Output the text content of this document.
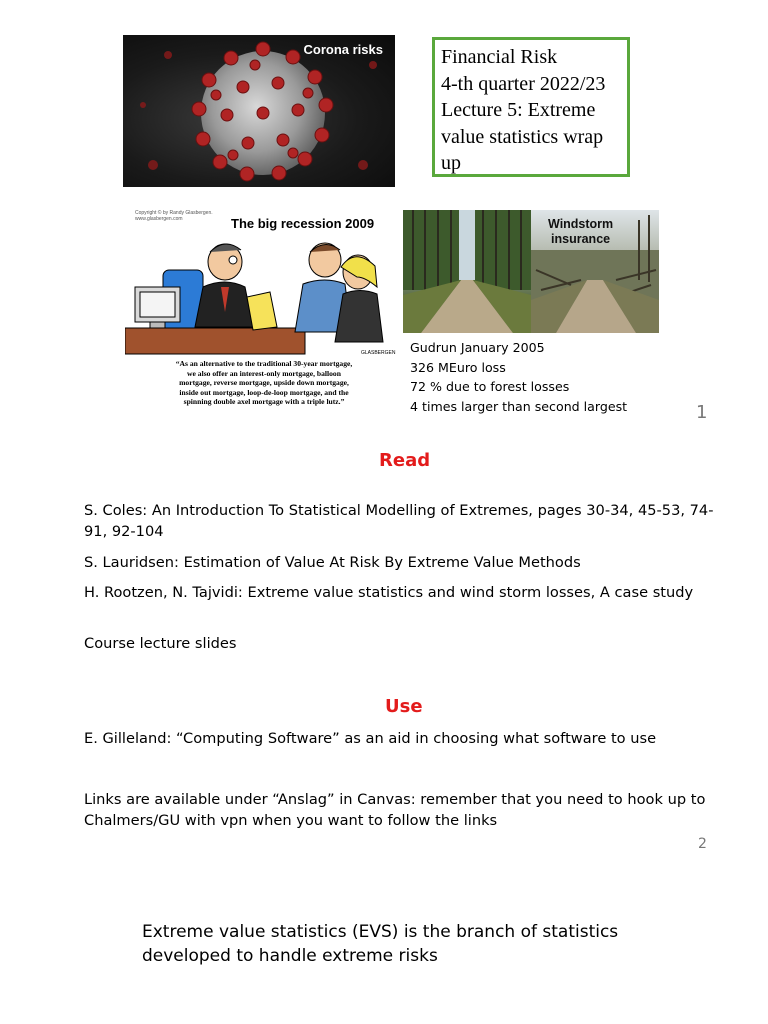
Corona risks	Financial Risk
4-th quarter 2022/23
Lecture 5: Extreme
value statistics wrap
up
Copyright © by Randy Glasbergen.
www.glasbergen.com	The big recession 2009
GLASBERGEN
“As an alternative to the traditional 30-year mortgage,
we also offer an interest-only mortgage, balloon
mortgage, reverse mortgage, upside down mortgage,
inside out mortgage, loop-de-loop mortgage, and the
spinning double axel mortgage with a triple lutz.”
Windstorm
insurance
Gudrun January 2005
326 MEuro loss
72 % due to forest losses
4 times larger than second largest	1
Read
S. Coles: An Introduction To Statistical Modelling of Extremes, pages 30-34, 45-53, 74-91, 92-104
S. Lauridsen: Estimation of Value At Risk By Extreme Value Methods
H. Rootzen, N. Tajvidi: Extreme value statistics and wind storm losses, A case study
Course lecture slides
Use
E. Gilleland: “Computing Software” as an aid in choosing what software to use
Links are available under “Anslag” in Canvas: remember that you need to hook up to Chalmers/GU with vpn when you want to follow the links
2
Extreme value statistics (EVS) is the branch of statistics developed to handle extreme risks
